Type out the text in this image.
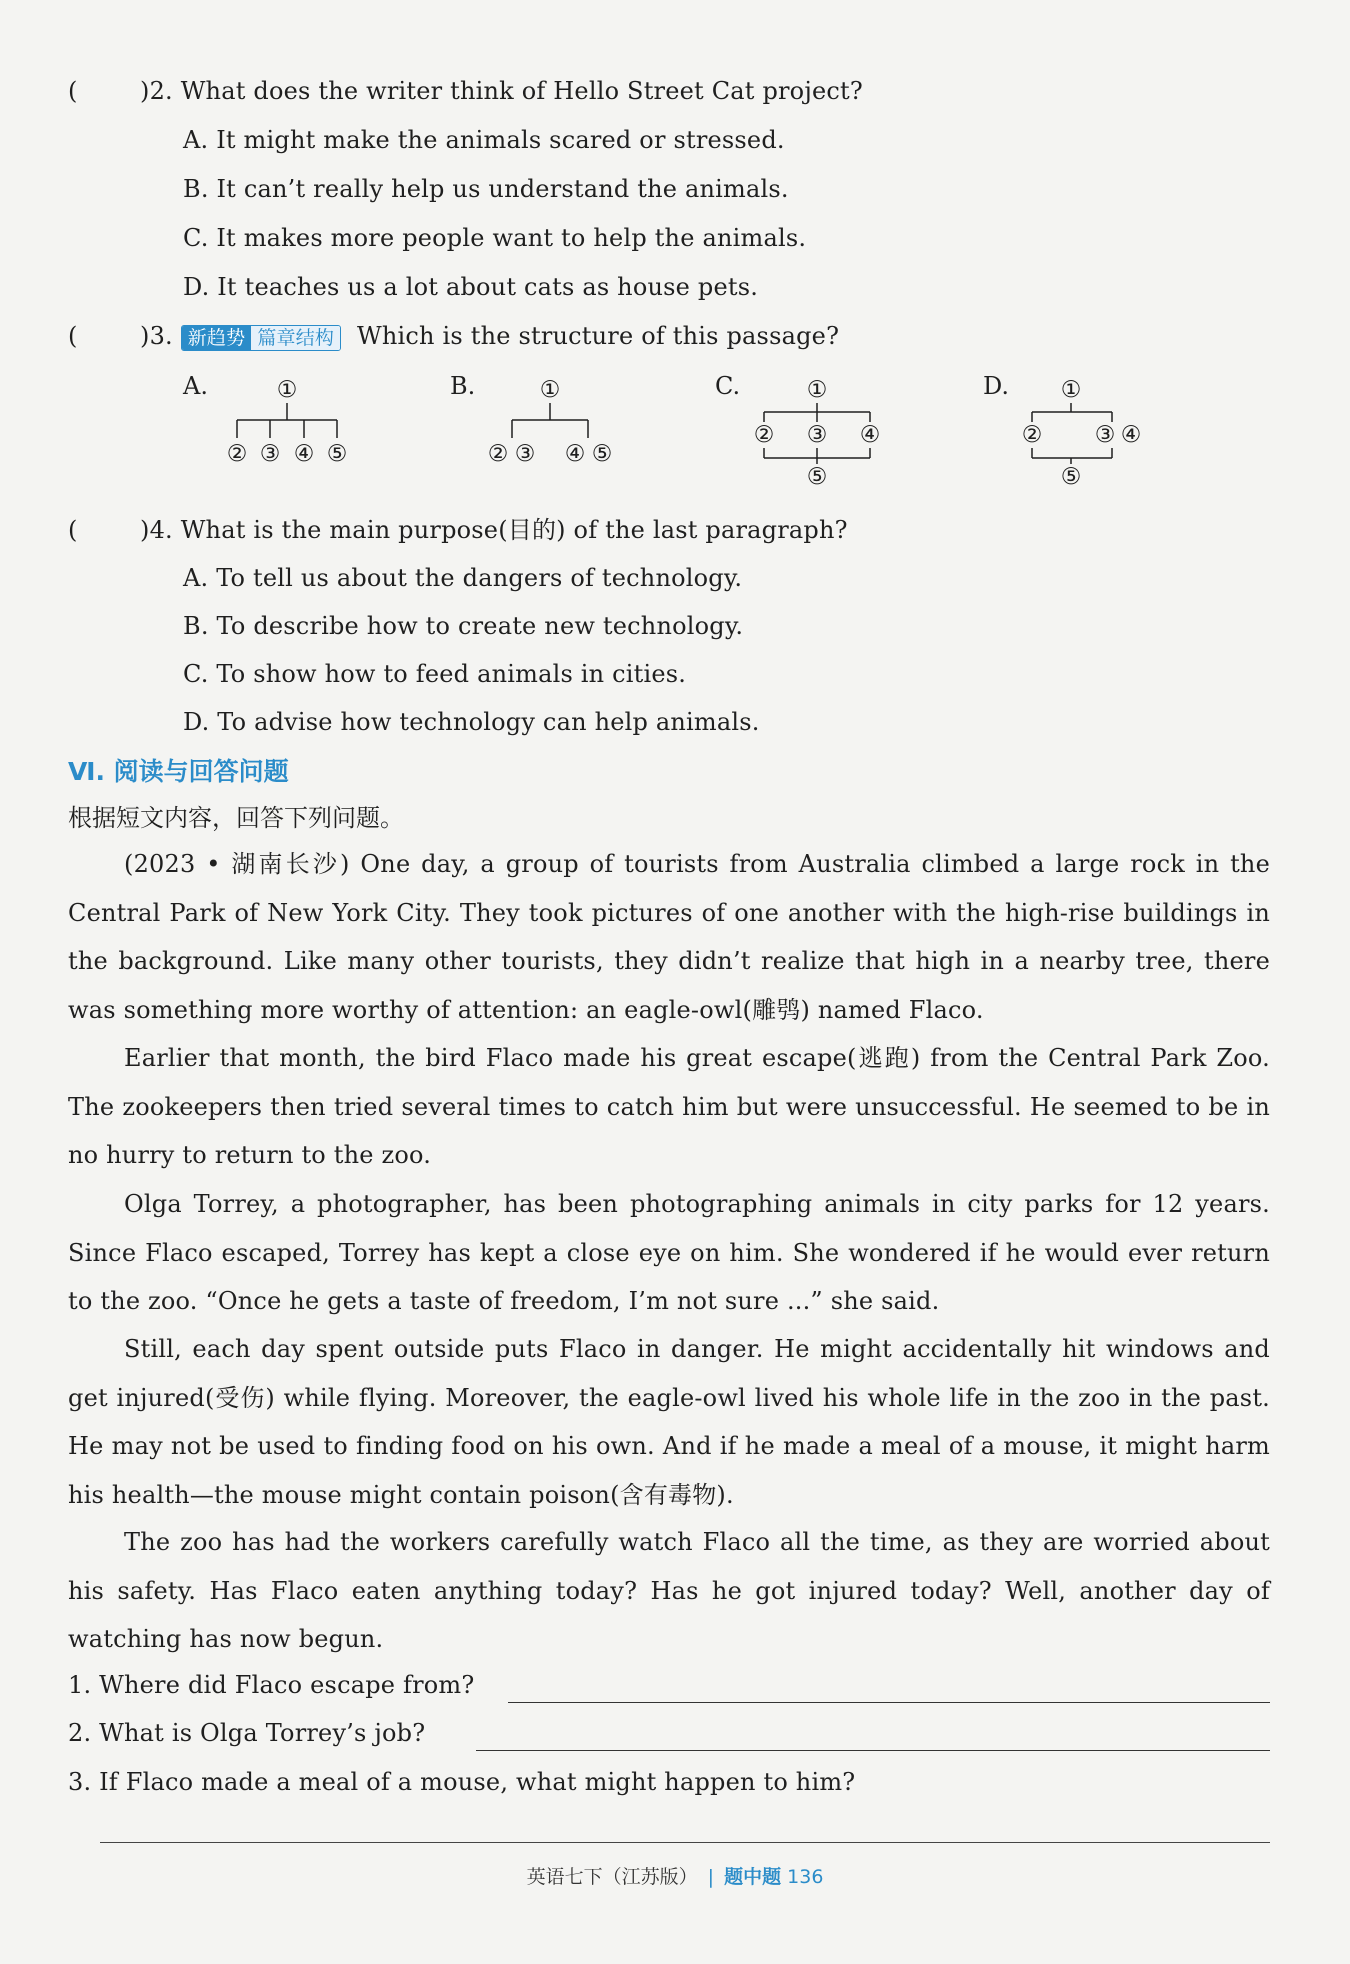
(	)2. What does the writer think of Hello Street Cat project?
A. It might make the animals scared or stressed.
B. It can’t really help us understand the animals.
C. It makes more people want to help the animals.
D. It teaches us a lot about cats as house pets.
(	)3. 新趋势 篇章结构 Which is the structure of this passage?
A.	B.	C.	D.
①
② ③ ④ ⑤
①
② ③ ④ ⑤
①
② ③ ④
⑤
①
② ③ ④
⑤
(	)4. What is the main purpose(目的) of the last paragraph?
A. To tell us about the dangers of technology.
B. To describe how to create new technology.
C. To show how to feed animals in cities.
D. To advise how technology can help animals.
Ⅵ. 阅读与回答问题
根据短文内容，回答下列问题。
(2023 • 湖南长沙) One day, a group of tourists from Australia climbed a large rock in the Central Park of New York City. They took pictures of one another with the high-rise buildings in the background. Like many other tourists, they didn’t realize that high in a nearby tree, there was something more worthy of attention: an eagle-owl(雕鸮) named Flaco.
Earlier that month, the bird Flaco made his great escape(逃跑) from the Central Park Zoo. The zookeepers then tried several times to catch him but were unsuccessful. He seemed to be in no hurry to return to the zoo.
Olga Torrey, a photographer, has been photographing animals in city parks for 12 years. Since Flaco escaped, Torrey has kept a close eye on him. She wondered if he would ever return to the zoo. “Once he gets a taste of freedom, I’m not sure ...” she said.
Still, each day spent outside puts Flaco in danger. He might accidentally hit windows and get injured(受伤) while flying. Moreover, the eagle-owl lived his whole life in the zoo in the past. He may not be used to finding food on his own. And if he made a meal of a mouse, it might harm his health—the mouse might contain poison(含有毒物).
The zoo has had the workers carefully watch Flaco all the time, as they are worried about his safety. Has Flaco eaten anything today? Has he got injured today? Well, another day of watching has now begun.
1. Where did Flaco escape from?
2. What is Olga Torrey’s job?
3. If Flaco made a meal of a mouse, what might happen to him?
英语七下（江苏版） | 题中题 136
